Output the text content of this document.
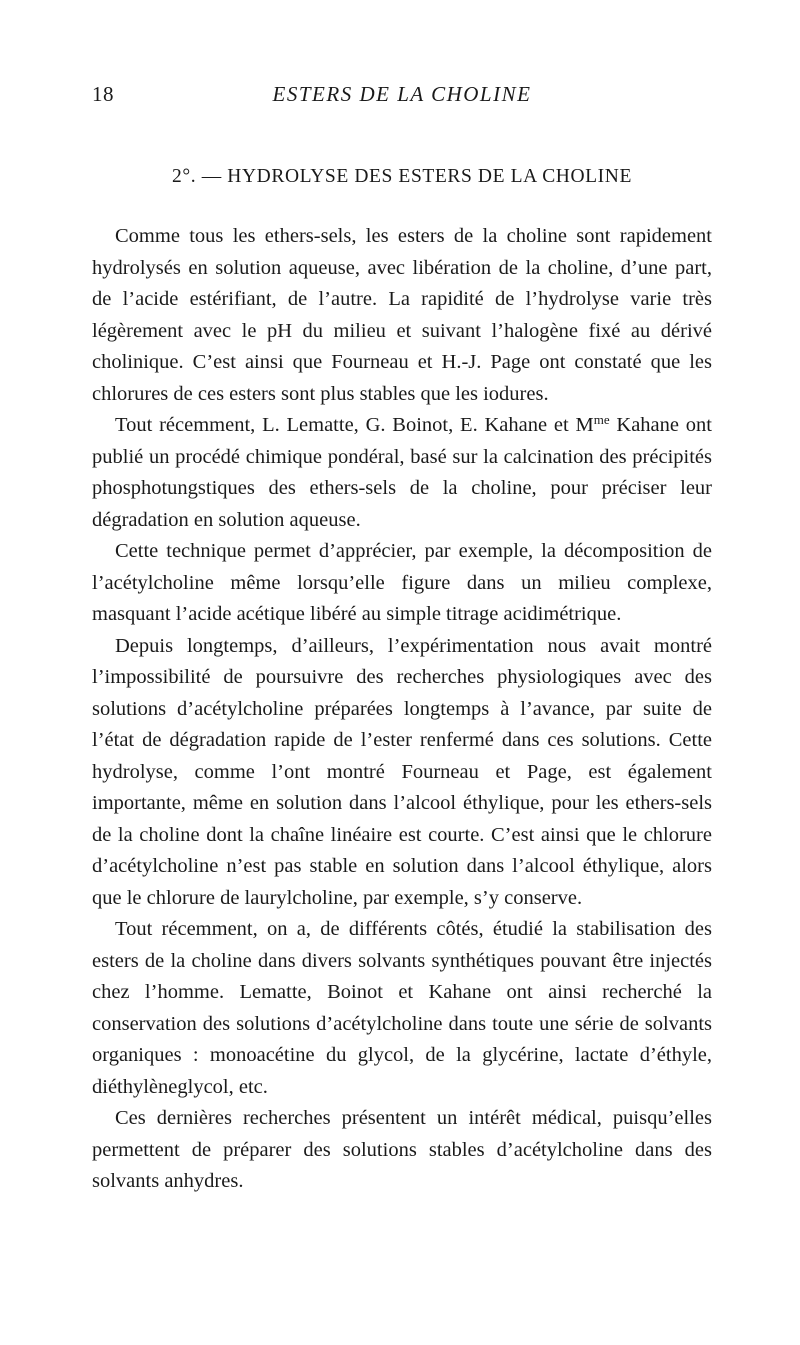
18	ESTERS DE LA CHOLINE
2°. — HYDROLYSE DES ESTERS DE LA CHOLINE

Comme tous les ethers-sels, les esters de la choline sont rapidement hydrolysés en solution aqueuse, avec libération de la choline, d’une part, de l’acide estérifiant, de l’autre. La rapidité de l’hydrolyse varie très légèrement avec le pH du milieu et suivant l’halogène fixé au dérivé cholinique. C’est ainsi que Fourneau et H.-J. Page ont constaté que les chlorures de ces esters sont plus stables que les iodures.

Tout récemment, L. Lematte, G. Boinot, E. Kahane et $M^{me}$ Kahane ont publié un procédé chimique pondéral, basé sur la calcination des précipités phosphotungstiques des ethers-sels de la choline, pour préciser leur dégradation en solution aqueuse.

Cette technique permet d’apprécier, par exemple, la décomposition de l’acétylcholine même lorsqu’elle figure dans un milieu complexe, masquant l’acide acétique libéré au simple titrage acidimétrique.

Depuis longtemps, d’ailleurs, l’expérimentation nous avait montré l’impossibilité de poursuivre des recherches physiologiques avec des solutions d’acétylcholine préparées longtemps à l’avance, par suite de l’état de dégradation rapide de l’ester renfermé dans ces solutions. Cette hydrolyse, comme l’ont montré Fourneau et Page, est également importante, même en solution dans l’alcool éthylique, pour les ethers-sels de la choline dont la chaîne linéaire est courte. C’est ainsi que le chlorure d’acétylcholine n’est pas stable en solution dans l’alcool éthylique, alors que le chlorure de laurylcholine, par exemple, s’y conserve.

Tout récemment, on a, de différents côtés, étudié la stabilisation des esters de la choline dans divers solvants synthétiques pouvant être injectés chez l’homme. Lematte, Boinot et Kahane ont ainsi recherché la conservation des solutions d’acétylcholine dans toute une série de solvants organiques : monoacétine du glycol, de la glycérine, lactate d’éthyle, diéthylèneglycol, etc.

Ces dernières recherches présentent un intérêt médical, puisqu’elles permettent de préparer des solutions stables d’acétylcholine dans des solvants anhydres.
